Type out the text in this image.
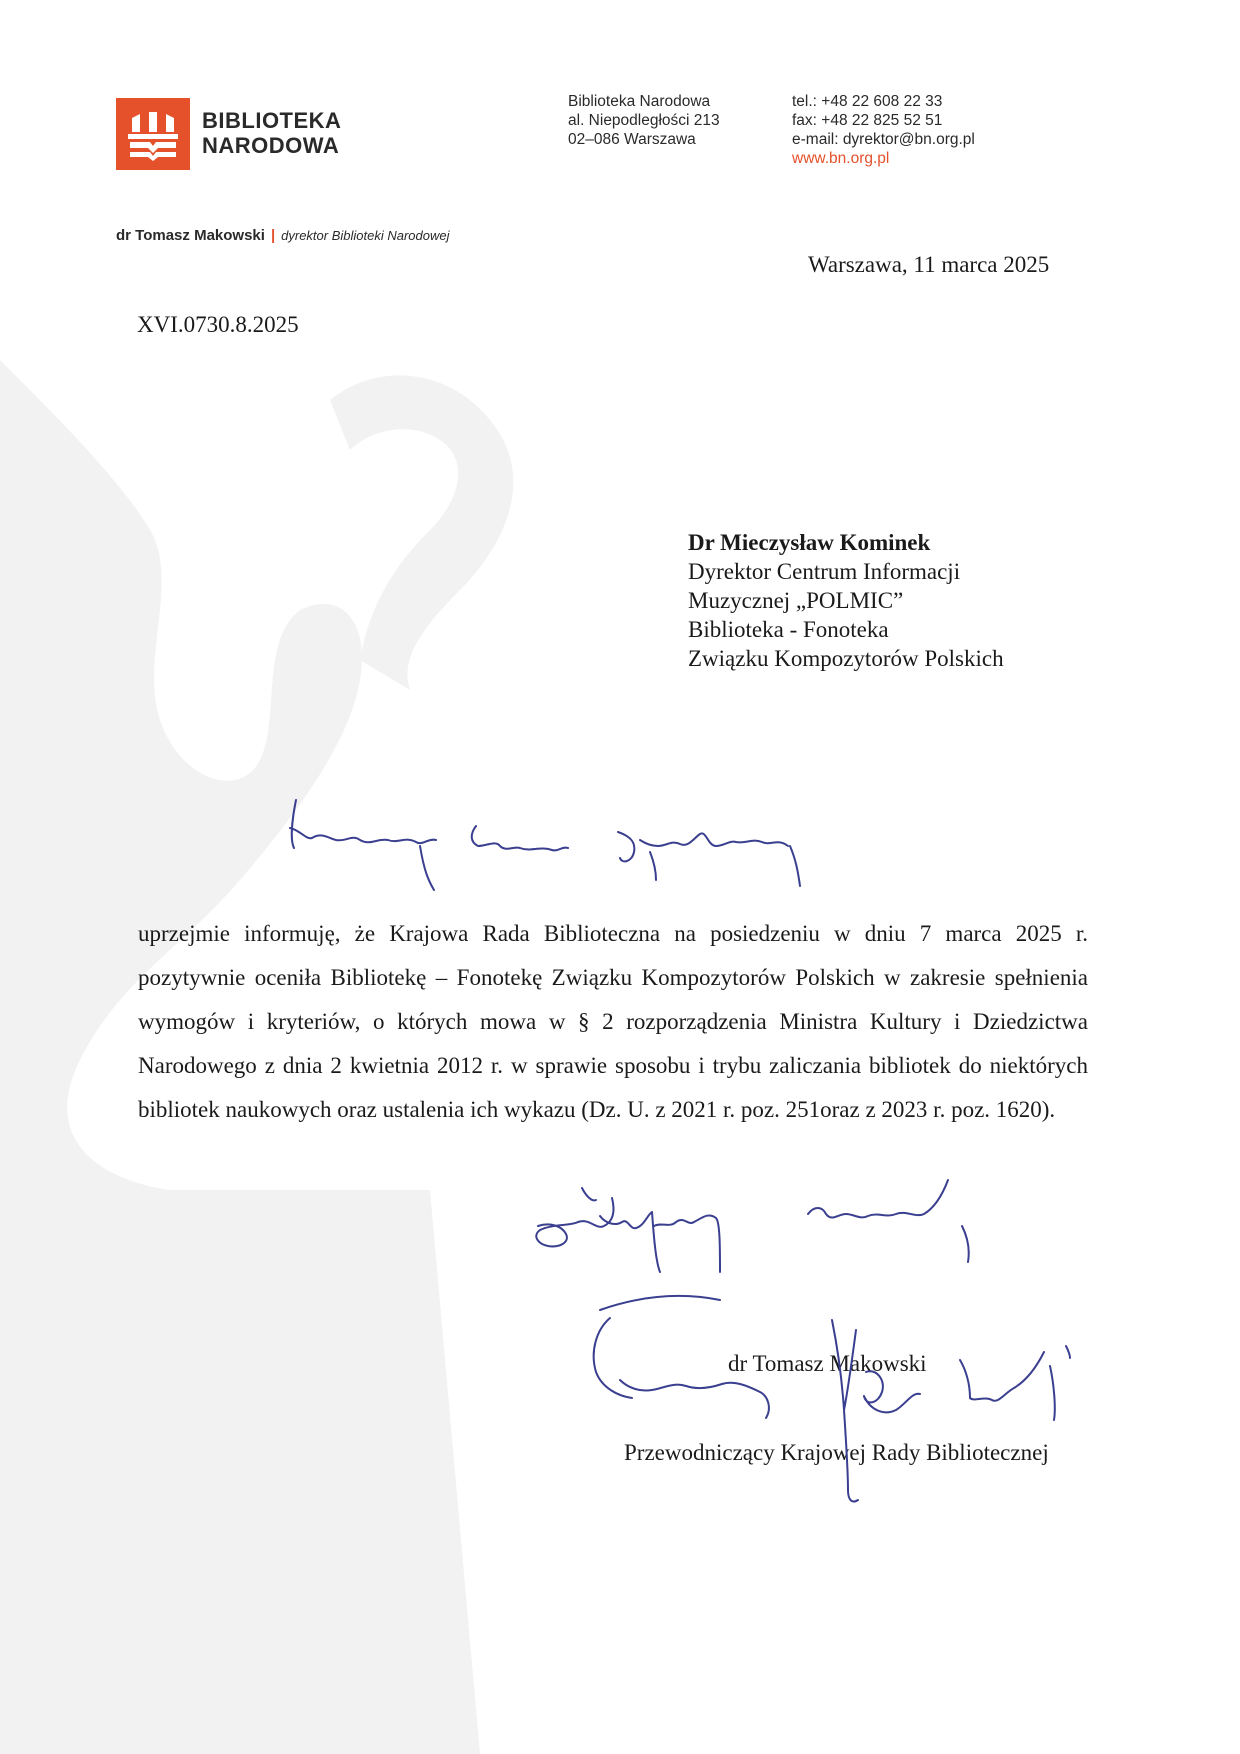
BIBLIOTEKA
NARODOWA
Biblioteka Narodowa
al. Niepodległości 213
02–086 Warszawa
tel.: +48 22 608 22 33
fax: +48 22 825 52 51
e-mail: dyrektor@bn.org.pl
www.bn.org.pl
dr Tomasz Makowski | dyrektor Biblioteki Narodowej
Warszawa, 11 marca 2025
XVI.0730.8.2025
Dr Mieczysław Kominek
Dyrektor Centrum Informacji
Muzycznej „POLMIC”
Biblioteka - Fonoteka
Związku Kompozytorów Polskich
uprzejmie informuję, że Krajowa Rada Biblioteczna na posiedzeniu w dniu 7 marca 2025 r. pozytywnie oceniła Bibliotekę – Fonotekę Związku Kompozytorów Polskich w zakresie spełnienia wymogów i kryteriów, o których mowa w § 2 rozporządzenia Ministra Kultury i Dziedzictwa Narodowego z dnia 2 kwietnia 2012 r. w sprawie sposobu i trybu zaliczania bibliotek do niektórych bibliotek naukowych oraz ustalenia ich wykazu (Dz. U. z 2021 r. poz. 251oraz z 2023 r. poz. 1620).
dr Tomasz Makowski
Przewodniczący Krajowej Rady Bibliotecznej
